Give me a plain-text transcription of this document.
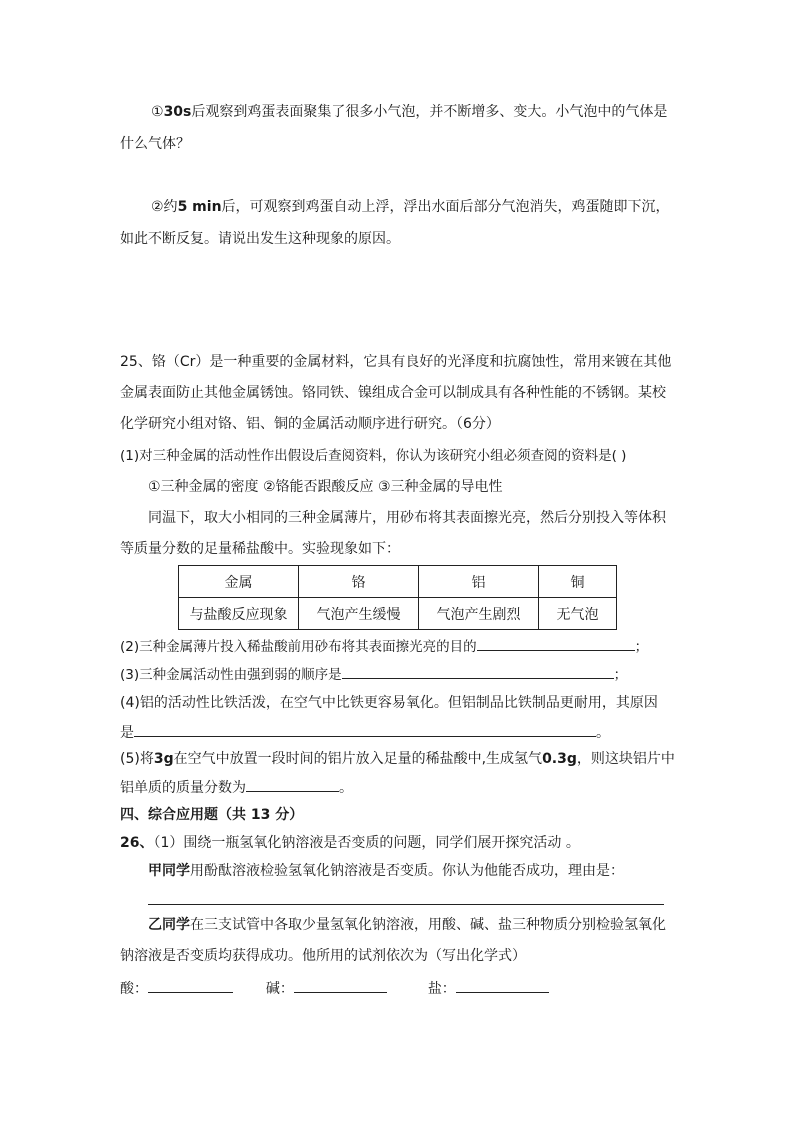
①30s后观察到鸡蛋表面聚集了很多小气泡，并不断增多、变大。小气泡中的气体是
什么气体？
②约5 min后，可观察到鸡蛋自动上浮，浮出水面后部分气泡消失，鸡蛋随即下沉，
如此不断反复。请说出发生这种现象的原因。
25、铬（Cr）是一种重要的金属材料，它具有良好的光泽度和抗腐蚀性，常用来镀在其他
金属表面防止其他金属锈蚀。铬同铁、镍组成合金可以制成具有各种性能的不锈钢。某校
化学研究小组对铬、铝、铜的金属活动顺序进行研究。（6分）
(1)对三种金属的活动性作出假设后查阅资料，你认为该研究小组必须查阅的资料是( )
①三种金属的密度 ②铬能否跟酸反应 ③三种金属的导电性
同温下，取大小相同的三种金属薄片，用砂布将其表面擦光亮，然后分别投入等体积
等质量分数的足量稀盐酸中。实验现象如下：
金属	铬	铝	铜
与盐酸反应现象	气泡产生缓慢	气泡产生剧烈	无气泡
(2)三种金属薄片投入稀盐酸前用砂布将其表面擦光亮的目的	；
(3)三种金属活动性由强到弱的顺序是	；
(4)铝的活动性比铁活泼，在空气中比铁更容易氧化。但铝制品比铁制品更耐用，其原因
是	。
(5)将3g在空气中放置一段时间的铝片放入足量的稀盐酸中,生成氢气0.3g，则这块铝片中
铝单质的质量分数为	。
四、综合应用题（共 13 分）
26、（1）围绕一瓶氢氧化钠溶液是否变质的问题，同学们展开探究活动 。
甲同学用酚酞溶液检验氢氧化钠溶液是否变质。你认为他能否成功，理由是：
乙同学在三支试管中各取少量氢氧化钠溶液，用酸、碱、盐三种物质分别检验氢氧化
钠溶液是否变质均获得成功。他所用的试剂依次为（写出化学式）
酸：	碱：	盐：
